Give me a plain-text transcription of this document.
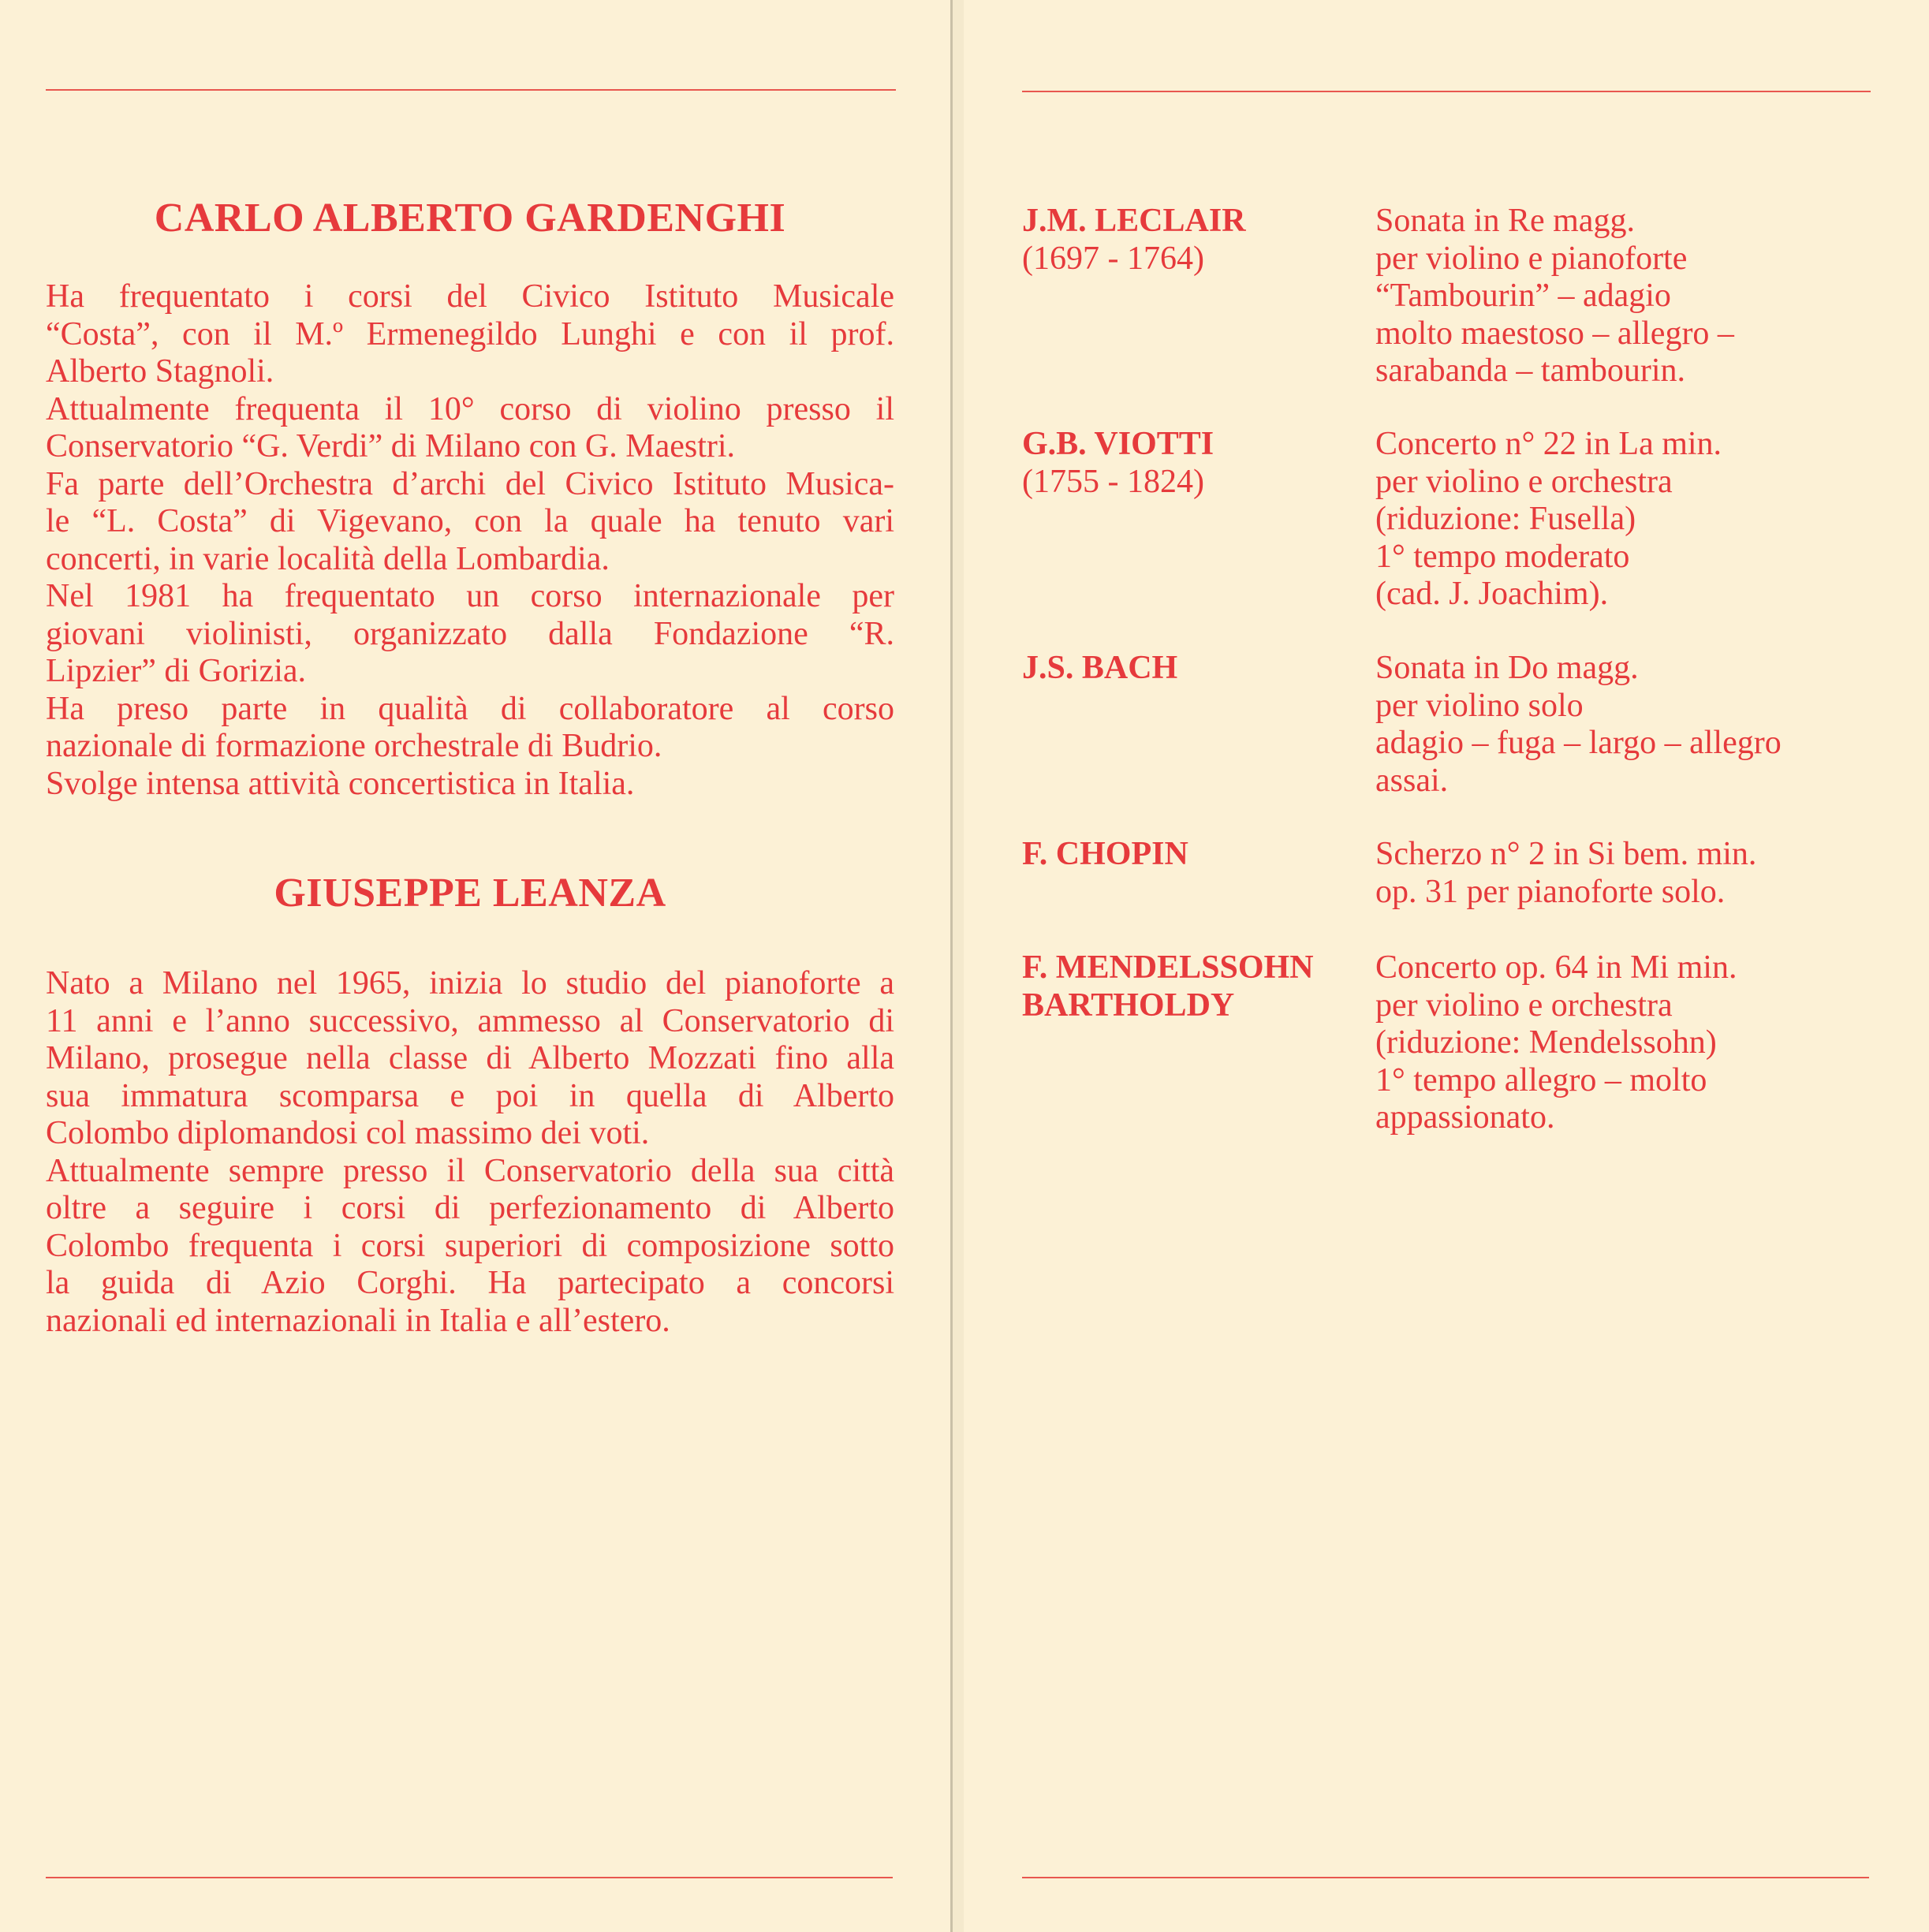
CARLO ALBERTO GARDENGHI
Ha frequentato i corsi del Civico Istituto Musicale
“Costa”, con il M.º Ermenegildo Lunghi e con il prof.
Alberto Stagnoli.
Attualmente frequenta il 10° corso di violino presso il
Conservatorio “G. Verdi” di Milano con G. Maestri.
Fa parte dell’Orchestra d’archi del Civico Istituto Musica-
le “L. Costa” di Vigevano, con la quale ha tenuto vari
concerti, in varie località della Lombardia.
Nel 1981 ha frequentato un corso internazionale per
giovani violinisti, organizzato dalla Fondazione “R.
Lipzier” di Gorizia.
Ha preso parte in qualità di collaboratore al corso
nazionale di formazione orchestrale di Budrio.
Svolge intensa attività concertistica in Italia.
GIUSEPPE LEANZA
Nato a Milano nel 1965, inizia lo studio del pianoforte a
11 anni e l’anno successivo, ammesso al Conservatorio di
Milano, prosegue nella classe di Alberto Mozzati fino alla
sua immatura scomparsa e poi in quella di Alberto
Colombo diplomandosi col massimo dei voti.
Attualmente sempre presso il Conservatorio della sua città
oltre a seguire i corsi di perfezionamento di Alberto
Colombo frequenta i corsi superiori di composizione sotto
la guida di Azio Corghi. Ha partecipato a concorsi
nazionali ed internazionali in Italia e all’estero.
J.M. LECLAIR
(1697 - 1764)
Sonata in Re magg.
per violino e pianoforte
“Tambourin” – adagio
molto maestoso – allegro –
sarabanda – tambourin.
G.B. VIOTTI
(1755 - 1824)
Concerto n° 22 in La min.
per violino e orchestra
(riduzione: Fusella)
1° tempo moderato
(cad. J. Joachim).
J.S. BACH	Sonata in Do magg.
per violino solo
adagio – fuga – largo – allegro
assai.
F. CHOPIN	Scherzo n° 2 in Si bem. min.
op. 31 per pianoforte solo.
F. MENDELSSOHN
BARTHOLDY
Concerto op. 64 in Mi min.
per violino e orchestra
(riduzione: Mendelssohn)
1° tempo allegro – molto
appassionato.
